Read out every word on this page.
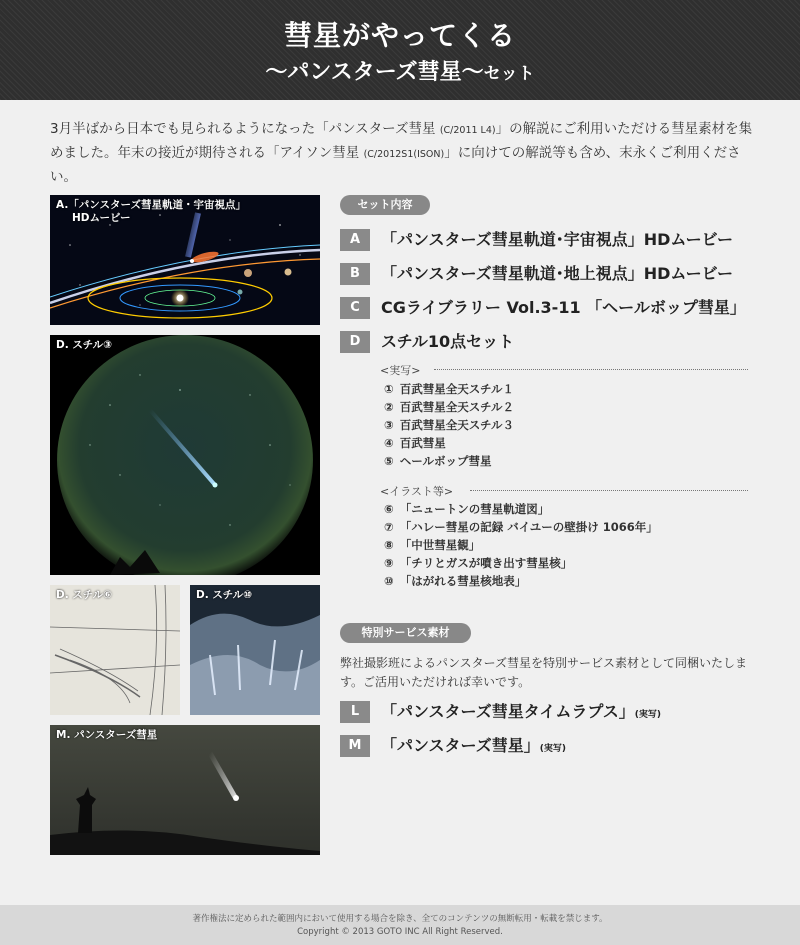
彗星がやってくる
～パンスターズ彗星～セット
3月半ばから日本でも見られるようになった「パンスターズ彗星 (C/2011 L4)」の解説にご利用いただける彗星素材を集めました。年末の接近が期待される「アイソン彗星 (C/2012S1(ISON)」に向けての解説等も含め、末永くご利用ください。
A.「パンスターズ彗星軌道・宇宙視点」
HDムービー
D. スチル③
D. スチル⑥	D. スチル⑩
M. パンスターズ彗星
セット内容
A	「パンスターズ彗星軌道･宇宙視点」HDムービー
B	「パンスターズ彗星軌道･地上視点」HDムービー
C	CGライブラリー Vol.3-11 「ヘールボップ彗星」
D	スチル10点セット
<実写>
① 百武彗星全天スチル１
② 百武彗星全天スチル２
③ 百武彗星全天スチル３
④ 百武彗星
⑤ ヘールボップ彗星
<イラスト等>
⑥ 「ニュートンの彗星軌道図」
⑦ 「ハレー彗星の記録 バイユーの壁掛け 1066年」
⑧ 「中世彗星観」
⑨ 「チリとガスが噴き出す彗星核」
⑩ 「はがれる彗星核地表」
特別サービス素材
弊社撮影班によるパンスターズ彗星を特別サービス素材として同梱いたします。ご活用いただければ幸いです。
L	「パンスターズ彗星タイムラプス」(実写)
M	「パンスターズ彗星」(実写)
著作権法に定められた範囲内において使用する場合を除き、全てのコンテンツの無断転用・転載を禁じます。
Copyright © 2013 GOTO INC All Right Reserved.
